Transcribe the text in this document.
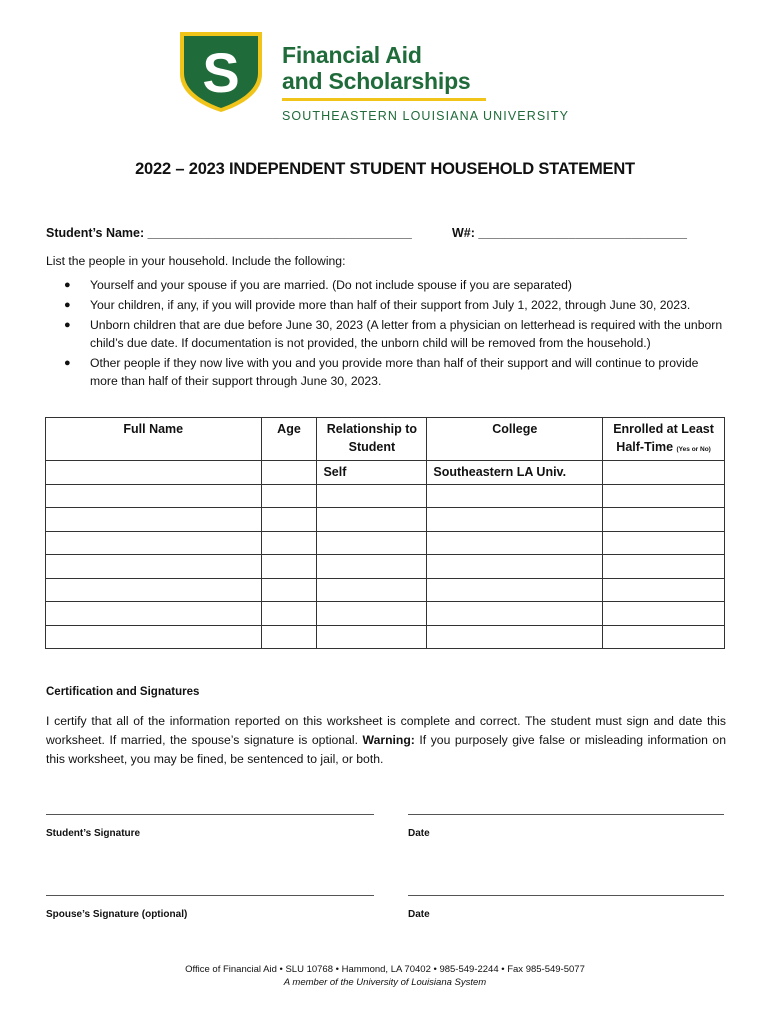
S Financial Aid
and Scholarships
SOUTHEASTERN LOUISIANA UNIVERSITY
2022 – 2023 INDEPENDENT STUDENT HOUSEHOLD STATEMENT
Student’s Name: ______________________________________	W#: ______________________________
List the people in your household. Include the following:
● Yourself and your spouse if you are married. (Do not include spouse if you are separated)
● Your children, if any, if you will provide more than half of their support from July 1, 2022, through June 30, 2023.
● Unborn children that are due before June 30, 2023 (A letter from a physician on letterhead is required with the unborn child’s due date. If documentation is not provided, the unborn child will be removed from the household.)
● Other people if they now live with you and you provide more than half of their support and will continue to provide more than half of their support through June 30, 2023.
Full Name	Age	Relationship to Student	College	Enrolled at Least Half-Time (Yes or No)
		Self	Southeastern LA Univ.	

Certification and Signatures
I certify that all of the information reported on this worksheet is complete and correct. The student must sign and date this worksheet. If married, the spouse’s signature is optional. Warning: If you purposely give false or misleading information on this worksheet, you may be fined, be sentenced to jail, or both.
Student’s Signature	Date
Spouse’s Signature (optional)	Date
Office of Financial Aid • SLU 10768 • Hammond, LA 70402 • 985-549-2244 • Fax 985-549-5077
A member of the University of Louisiana System
